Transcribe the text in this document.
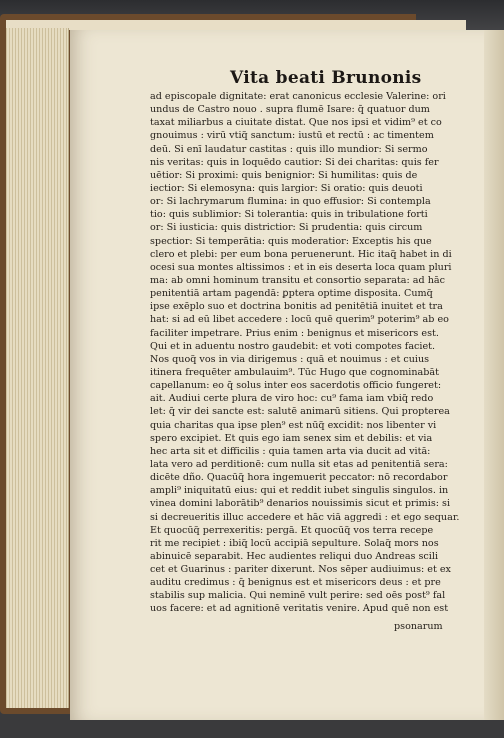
Vita beati Brunonis
ad episcopale dignitate: erat canonicus ecclesie Valerine: ori
undus de Castro nouo . supra flumē Isare: q̄ quatuor dum
taxat miliarbus a ciuitate distat. Que nos ipsi et vidim⁹ et co
gnouimus : virū vtiq̃ sanctum: iustū et rectū : ac timentem
deū. Si enī laudatur castitas : quis illo mundior: Si sermo
nis veritas: quis in loquēdo cautior: Si dei charitas: quis fer
uētior: Si proximi: quis benignior: Si humilitas: quis de
iectior: Si elemosyna: quis largior: Si oratio: quis deuoti
or: Si lachrymarum flumina: in quo effusior: Si contempla
tio: quis sublimior: Si tolerantia: quis in tribulatione forti
or: Si iusticia: quis districtior: Si prudentia: quis circum
spectior: Si temperātia: quis moderatior: Exceptis his que
clero et plebi: per eum bona peruenerunt. Hic itaq̃ habet in di
ocesi sua montes altissimos : et in eis deserta loca quam pluri
ma: ab omni hominum transitu et consortio separata: ad hāc
penitentiā artam pagendā: ꝑptera optime disposita. Cumq̃
ipse exēplo suo et doctrina bonitis ad penitētiā inuitet et tra
hat: si ad eū libet accedere : locū quē querim⁹ poterim⁹ ab eo
faciliter impetrare. Prius enim : benignus et misericors est.
Qui et in aduentu nostro gaudebit: et voti compotes faciet.
Nos quoq̃ vos in via dirigemus : quā et nouimus : et cuius
itinera frequēter ambulauim⁹. Tūc Hugo que cognominabāt
capellanum: eo q̄ solus inter eos sacerdotis officio fungeret:
ait. Audiui certe plura de viro hoc: cu⁹ fama iam vbiq̃ redo
let: q̄ vir dei sancte est: salutē animarū sitiens. Qui propterea
quia charitas qua ipse plen⁹ est nūq̃ excidit: nos libenter vi
spero excipiet. Et quis ego iam senex sim et debilis: et via
hec arta sit et difficilis : quia tamen arta via ducit ad vitā:
lata vero ad perditionē: cum nulla sit etas ad penitentiā sera:
dicēte dño. Quacūq̃ hora ingemuerit peccator: nō recordabor
ampli⁹ iniquitatū eius: qui et reddit iubet singulis singulos. in
vinea domini laborātib⁹ denarios nouissimis sicut et primis: si
si decreueritis illuc accedere et hāc viā aggredi : et ego sequar.
Et quocūq̃ perrexeritis: pergā. Et quocūq̃ vos terra recepe
rit me recipiet : ibiq̃ locū accipiā sepulture. Solaq̃ mors nos
abinuicē separabit. Hec audientes reliqui duo Andreas scili
cet et Guarinus : pariter dixerunt. Nos sēper audiuimus: et ex
auditu credimus : q̄ benignus est et misericors deus : et pre
stabilis sup malicia. Qui neminē vult perire: sed oēs post⁹ fal
uos facere: et ad agnitionē veritatis venire. Apud quē non est
psonarum
